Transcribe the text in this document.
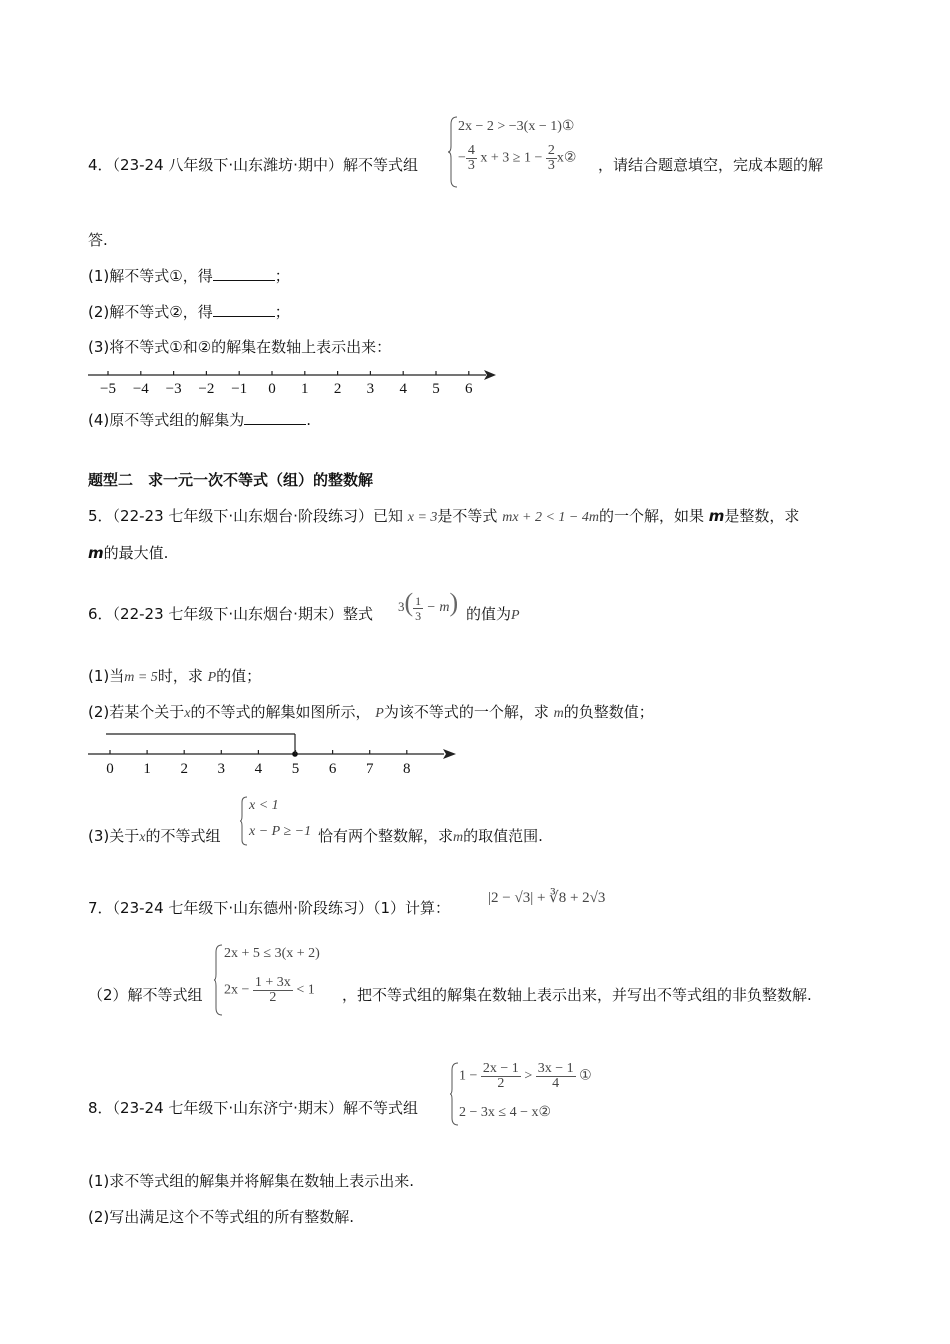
2x − 2 > −3(x − 1)①
− $\frac{4}{3}$ $x + 3 \ge 1 - \frac{2}{3}$ x②
4．（23-24 八年级下·山东潍坊·期中）解不等式组	，请结合题意填空，完成本题的解
答.
(1)解不等式①，得	；
(2)解不等式②，得	；
(3)将不等式①和②的解集在数轴上表示出来：
−5 −4 −3 −2 −1 0 1 2 3 4 5 6
(4)原不等式组的解集为	.
题型二　求一元一次不等式（组）的整数解
5．（22-23 七年级下·山东烟台·阶段练习）已知 x = 3是不等式 mx + 2 < 1 − 4m的一个解，如果 m是整数，求
m的最大值.
6．（22-23 七年级下·山东烟台·期末）整式 $3( \frac{1}{3} - m)$ 的值为P
(1)当m = 5时，求 P的值；
(2)若某个关于x的不等式的解集如图所示， P为该不等式的一个解，求 m的负整数值；
0 1 2 3 4 5 6 7 8
x < 1
x − P ≥ −1
(3)关于x的不等式组	恰有两个整数解，求m的取值范围.
7．（23-24 七年级下·山东德州·阶段练习）（1）计算：
|2 − √3| + ∛8 + 2√3
2x + 5 ≤ 3(x + 2)
$2x - \frac{1 + 3x}{2} < 1$
（2）解不等式组	，把不等式组的解集在数轴上表示出来，并写出不等式组的非负整数解.
$1 - \frac{2x - 1}{2} > \frac{3x - 1}{4}$ ①
2 − 3x ≤ 4 − x②
8．（23-24 七年级下·山东济宁·期末）解不等式组
(1)求不等式组的解集并将解集在数轴上表示出来.
(2)写出满足这个不等式组的所有整数解.
